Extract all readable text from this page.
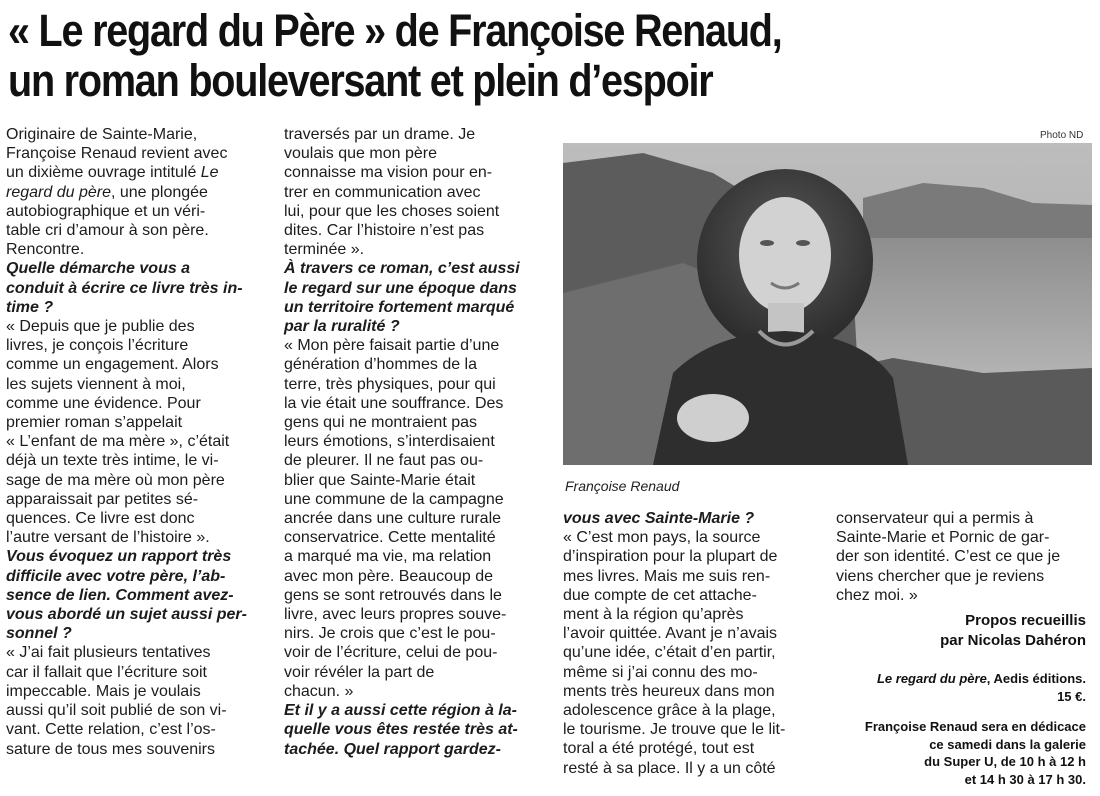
« Le regard du Père » de Françoise Renaud,
un roman bouleversant et plein d’espoir
Originaire de Sainte-Marie,
Françoise Renaud revient avec
un dixième ouvrage intitulé Le
regard du père, une plongée
autobiographique et un véri-
table cri d’amour à son père.
Rencontre.
Quelle démarche vous a
conduit à écrire ce livre très in-
time ?
« Depuis que je publie des
livres, je conçois l’écriture
comme un engagement. Alors
les sujets viennent à moi,
comme une évidence. Pour
premier roman s’appelait
« L’enfant de ma mère », c’était
déjà un texte très intime, le vi-
sage de ma mère où mon père
apparaissait par petites sé-
quences. Ce livre est donc
l’autre versant de l’histoire ».
Vous évoquez un rapport très
difficile avec votre père, l’ab-
sence de lien. Comment avez-
vous abordé un sujet aussi per-
sonnel ?
« J’ai fait plusieurs tentatives
car il fallait que l’écriture soit
impeccable. Mais je voulais
aussi qu’il soit publié de son vi-
vant. Cette relation, c’est l’os-
sature de tous mes souvenirs
traversés par un drame. Je
voulais que mon père
connaisse ma vision pour en-
trer en communication avec
lui, pour que les choses soient
dites. Car l’histoire n’est pas
terminée ».
À travers ce roman, c’est aussi
le regard sur une époque dans
un territoire fortement marqué
par la ruralité ?
« Mon père faisait partie d’une
génération d’hommes de la
terre, très physiques, pour qui
la vie était une souffrance. Des
gens qui ne montraient pas
leurs émotions, s’interdisaient
de pleurer. Il ne faut pas ou-
blier que Sainte-Marie était
une commune de la campagne
ancrée dans une culture rurale
conservatrice. Cette mentalité
a marqué ma vie, ma relation
avec mon père. Beaucoup de
gens se sont retrouvés dans le
livre, avec leurs propres souve-
nirs. Je crois que c’est le pou-
voir de l’écriture, celui de pou-
voir révéler la part de
chacun. »
Et il y a aussi cette région à la-
quelle vous êtes restée très at-
tachée. Quel rapport gardez-
Photo ND
Françoise Renaud
vous avec Sainte-Marie ?
« C’est mon pays, la source
d’inspiration pour la plupart de
mes livres. Mais me suis ren-
due compte de cet attache-
ment à la région qu’après
l’avoir quittée. Avant je n’avais
qu’une idée, c’était d’en partir,
même si j’ai connu des mo-
ments très heureux dans mon
adolescence grâce à la plage,
le tourisme. Je trouve que le lit-
toral a été protégé, tout est
resté à sa place. Il y a un côté
conservateur qui a permis à
Sainte-Marie et Pornic de gar-
der son identité. C’est ce que je
viens chercher que je reviens
chez moi. »
Propos recueillis
par Nicolas Dahéron
Le regard du père, Aedis éditions.
15 €.
Françoise Renaud sera en dédicace
ce samedi dans la galerie
du Super U, de 10 h à 12 h
et 14 h 30 à 17 h 30.
